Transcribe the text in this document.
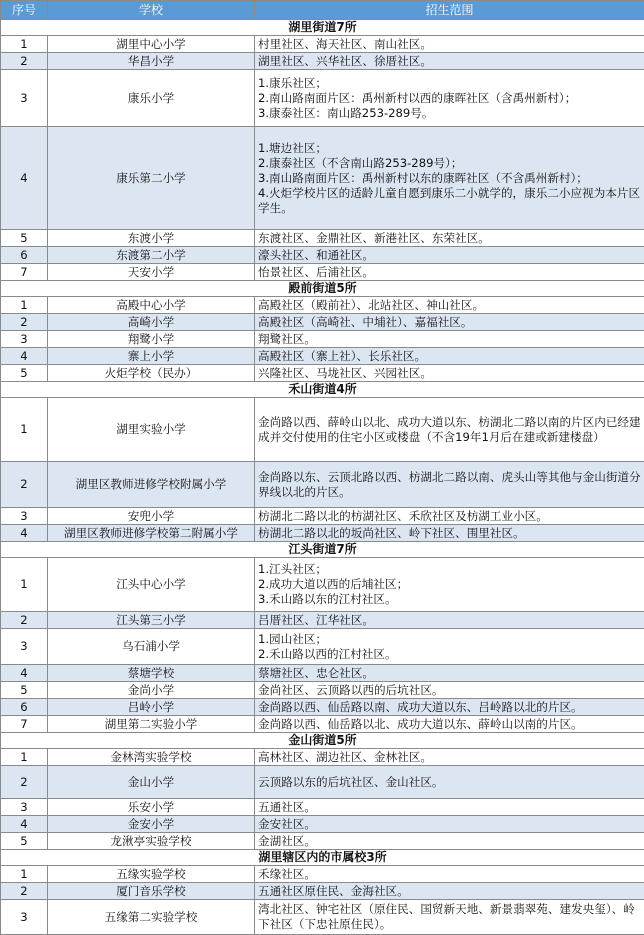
序号	学校	招生范围
湖里街道7所		
1	湖里中心小学	村里社区、海天社区、南山社区。

2	华昌小学	湖里社区、兴华社区、徐厝社区。

3	康乐小学	1.康乐社区；
2.南山路南面片区：禹州新村以西的康晖社区（含禹州新村）；
3.康泰社区：南山路253-289号。

4	康乐第二小学	1.塘边社区；
2.康泰社区（不含南山路253-289号）；
3.南山路南面片区：禹州新村以东的康晖社区（不含禹州新村）；
4.火炬学校片区的适龄儿童自愿到康乐二小就学的，康乐二小应视为本片区学生。

5	东渡小学	东渡社区、金鼎社区、新港社区、东荣社区。

6	东渡第二小学	濠头社区、和通社区。

7	天安小学	怡景社区、后浦社区。

殿前街道5所		
1	高殿中心小学	高殿社区（殿前社）、北站社区、神山社区。

2	高崎小学	高殿社区（高崎社、中埔社）、嘉福社区。

3	翔鹭小学	翔鹭社区。

4	寨上小学	高殿社区（寨上社）、长乐社区。

5	火炬学校（民办）	兴隆社区、马垅社区、兴园社区。

禾山街道4所		
1	湖里实验小学	金尚路以西、薛岭山以北、成功大道以东、枋湖北二路以南的片区内已经建成并交付使用的住宅小区或楼盘（不含19年1月后在建或新建楼盘）

2	湖里区教师进修学校附属小学	金尚路以东、云顶北路以西、枋湖北二路以南、虎头山等其他与金山街道分界线以北的片区。

3	安兜小学	枋湖北二路以北的枋湖社区、禾欣社区及枋湖工业小区。

4	湖里区教师进修学校第二附属小学	枋湖北二路以北的坂尚社区、岭下社区、围里社区。

江头街道7所		
1	江头中心小学	1.江头社区；
2.成功大道以西的后埔社区；
3.禾山路以东的江村社区。

2	江头第三小学	吕厝社区、江华社区。

3	乌石浦小学	1.园山社区；
2.禾山路以西的江村社区。

4	蔡塘学校	蔡塘社区、忠仑社区。

5	金尚小学	金尚社区、云顶路以西的后坑社区。

6	吕岭小学	金尚路以西、仙岳路以南、成功大道以东、吕岭路以北的片区。

7	湖里第二实验小学	金尚路以西、仙岳路以北、成功大道以东、薛岭山以南的片区。

金山街道5所		
1	金林湾实验学校	高林社区、湖边社区、金林社区。

2	金山小学	云顶路以东的后坑社区、金山社区。

3	乐安小学	五通社区。

4	金安小学	金安社区。

5	龙湫亭实验学校	金湖社区。

湖里辖区内的市属校3所		
1	五缘实验学校	禾缘社区。

2	厦门音乐学校	五通社区原住民、金海社区。

3	五缘第二实验学校	湾北社区、钟宅社区（原住民、国贸新天地、新景翡翠苑、建发央玺）、岭下社区（下忠社原住民）。
